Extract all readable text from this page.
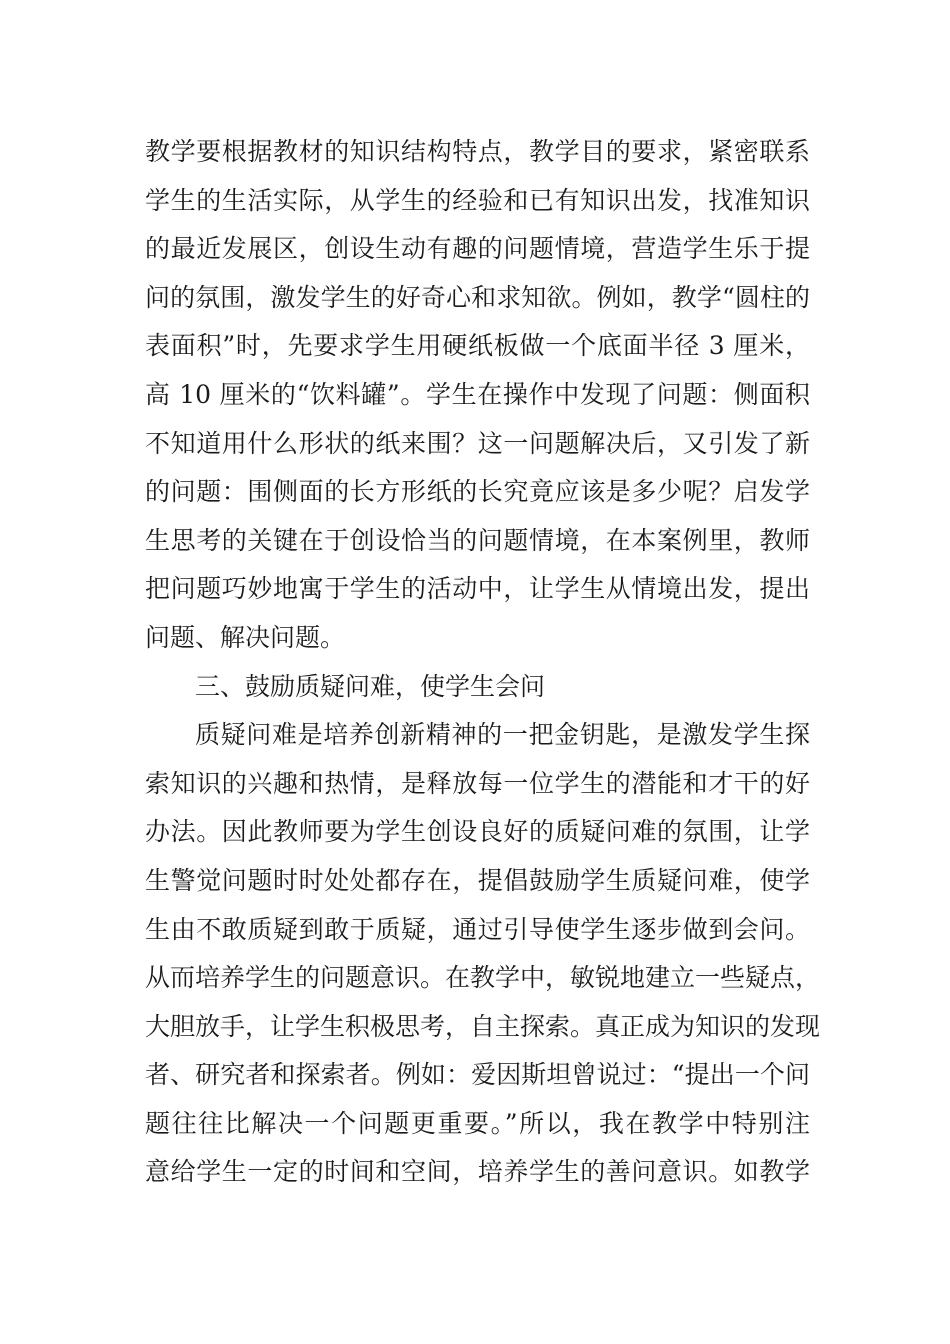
教学要根据教材的知识结构特点，教学目的要求，紧密联系
学生的生活实际，从学生的经验和已有知识出发，找准知识
的最近发展区，创设生动有趣的问题情境，营造学生乐于提
问的氛围，激发学生的好奇心和求知欲。例如，教学“圆柱的
表面积”时，先要求学生用硬纸板做一个底面半径 3 厘米，
高 10 厘米的“饮料罐”。学生在操作中发现了问题：侧面积
不知道用什么形状的纸来围？这一问题解决后，又引发了新
的问题：围侧面的长方形纸的长究竟应该是多少呢？启发学
生思考的关键在于创设恰当的问题情境，在本案例里，教师
把问题巧妙地寓于学生的活动中，让学生从情境出发，提出
问题、解决问题。
三、鼓励质疑问难，使学生会问
质疑问难是培养创新精神的一把金钥匙，是激发学生探
索知识的兴趣和热情，是释放每一位学生的潜能和才干的好
办法。因此教师要为学生创设良好的质疑问难的氛围，让学
生警觉问题时时处处都存在，提倡鼓励学生质疑问难，使学
生由不敢质疑到敢于质疑，通过引导使学生逐步做到会问。
从而培养学生的问题意识。在教学中，敏锐地建立一些疑点，
大胆放手，让学生积极思考，自主探索。真正成为知识的发现
者、研究者和探索者。例如：爱因斯坦曾说过：“提出一个问
题往往比解决一个问题更重要。”所以，我在教学中特别注
意给学生一定的时间和空间，培养学生的善问意识。如教学
